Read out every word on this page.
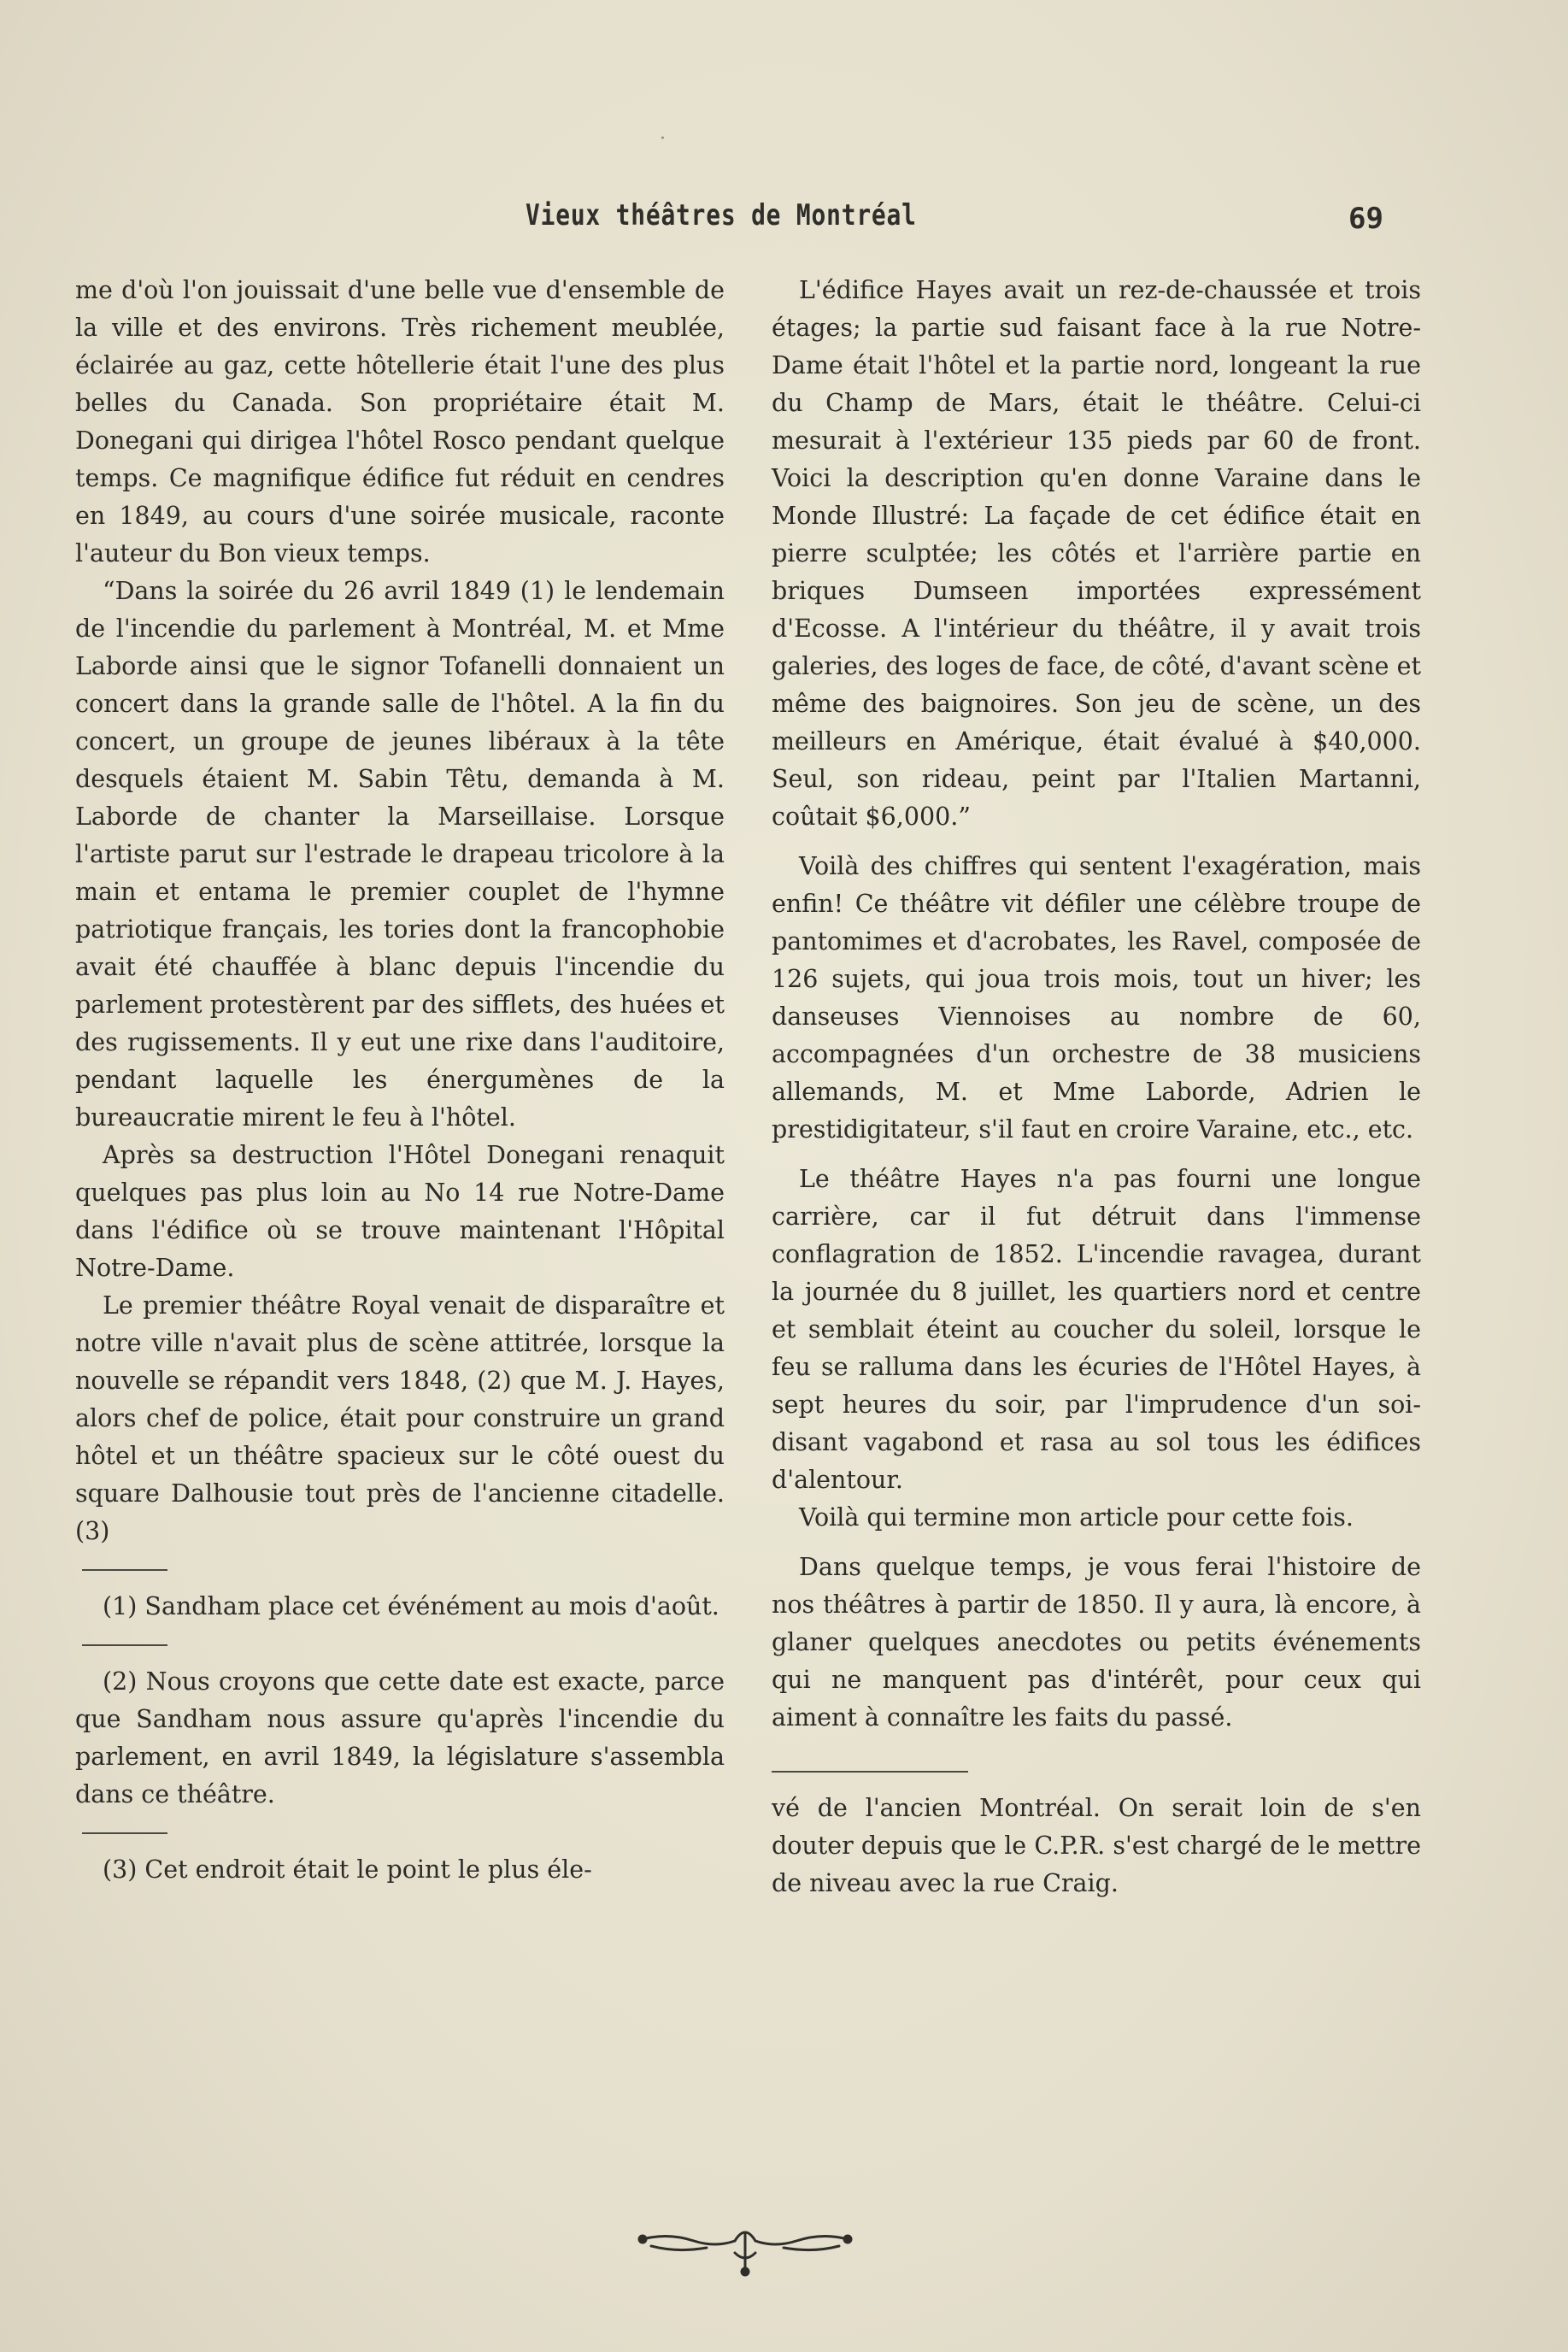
·
Vieux théâtres de Montréal	69

me d'où l'on jouissait d'une belle vue d'ensemble de la ville et des environs. Très richement meublée, éclairée au gaz, cette hôtellerie était l'une des plus belles du Canada. Son propriétaire était M. Donegani qui dirigea l'hôtel Rosco pendant quelque temps. Ce magnifique édifice fut réduit en cendres en 1849, au cours d'une soirée musicale, raconte l'auteur du Bon vieux temps.

“Dans la soirée du 26 avril 1849 (1) le lendemain de l'incendie du parlement à Montréal, M. et Mme Laborde ainsi que le signor Tofanelli donnaient un concert dans la grande salle de l'hôtel. A la fin du concert, un groupe de jeunes libéraux à la tête desquels étaient M. Sabin Têtu, demanda à M. Laborde de chanter la Marseillaise. Lorsque l'artiste parut sur l'estrade le drapeau tricolore à la main et entama le premier couplet de l'hymne patriotique français, les tories dont la francophobie avait été chauffée à blanc depuis l'incendie du parlement protestèrent par des sifflets, des huées et des rugissements. Il y eut une rixe dans l'auditoire, pendant laquelle les énergumènes de la bureaucratie mirent le feu à l'hôtel.

Après sa destruction l'Hôtel Donegani renaquit quelques pas plus loin au No 14 rue Notre-Dame dans l'édifice où se trouve maintenant l'Hôpital Notre-Dame.

Le premier théâtre Royal venait de disparaître et notre ville n'avait plus de scène attitrée, lorsque la nouvelle se répandit vers 1848, (2) que M. J. Hayes, alors chef de police, était pour construire un grand hôtel et un théâtre spacieux sur le côté ouest du square Dalhousie tout près de l'ancienne citadelle. (3)

(1) Sandham place cet événément au mois d'août.

(2) Nous croyons que cette date est exacte, parce que Sandham nous assure qu'après l'incendie du parlement, en avril 1849, la législature s'assembla dans ce théâtre.

(3) Cet endroit était le point le plus éle-

L'édifice Hayes avait un rez-de-chaussée et trois étages; la partie sud faisant face à la rue Notre-Dame était l'hôtel et la partie nord, longeant la rue du Champ de Mars, était le théâtre. Celui-ci mesurait à l'extérieur 135 pieds par 60 de front. Voici la description qu'en donne Varaine dans le Monde Illustré: La façade de cet édifice était en pierre sculptée; les côtés et l'arrière partie en briques Dumseen importées expressément d'Ecosse. A l'intérieur du théâtre, il y avait trois galeries, des loges de face, de côté, d'avant scène et même des baignoires. Son jeu de scène, un des meilleurs en Amérique, était évalué à $40,000. Seul, son rideau, peint par l'Italien Martanni, coûtait $6,000.”

Voilà des chiffres qui sentent l'exagération, mais enfin! Ce théâtre vit défiler une célèbre troupe de pantomimes et d'acrobates, les Ravel, composée de 126 sujets, qui joua trois mois, tout un hiver; les danseuses Viennoises au nombre de 60, accompagnées d'un orchestre de 38 musiciens allemands, M. et Mme Laborde, Adrien le prestidigitateur, s'il faut en croire Varaine, etc., etc.

Le théâtre Hayes n'a pas fourni une longue carrière, car il fut détruit dans l'immense conflagration de 1852. L'incendie ravagea, durant la journée du 8 juillet, les quartiers nord et centre et semblait éteint au coucher du soleil, lorsque le feu se ralluma dans les écuries de l'Hôtel Hayes, à sept heures du soir, par l'imprudence d'un soi-disant vagabond et rasa au sol tous les édifices d'alentour.

Voilà qui termine mon article pour cette fois.

Dans quelque temps, je vous ferai l'histoire de nos théâtres à partir de 1850. Il y aura, là encore, à glaner quelques anecdotes ou petits événements qui ne manquent pas d'intérêt, pour ceux qui aiment à connaître les faits du passé.

vé de l'ancien Montréal. On serait loin de s'en douter depuis que le C.P.R. s'est chargé de le mettre de niveau avec la rue Craig.
